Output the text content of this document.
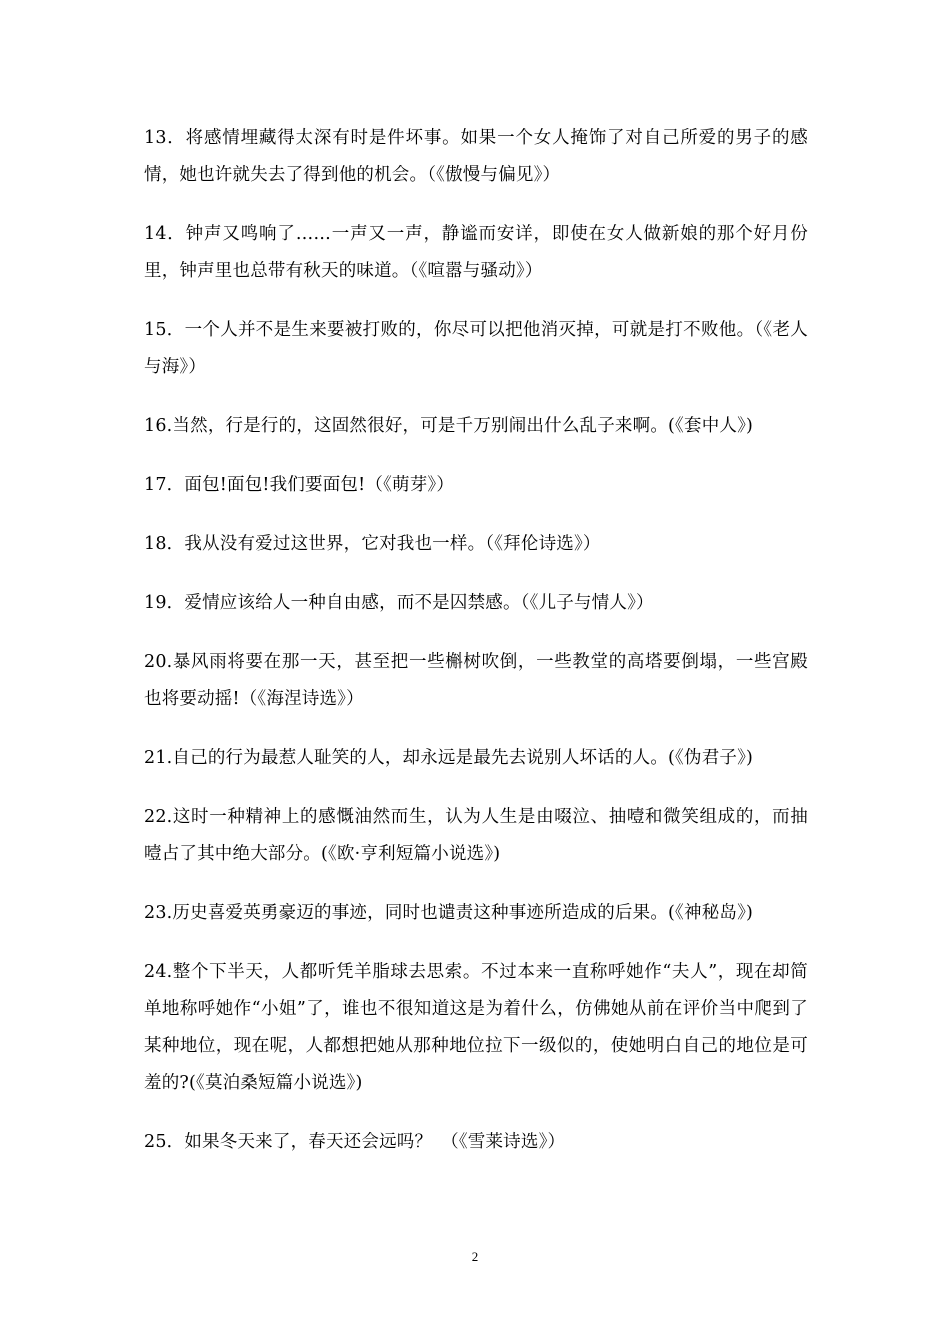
13．将感情埋藏得太深有时是件坏事。如果一个女人掩饰了对自己所爱的男子的感情，她也许就失去了得到他的机会。（《傲慢与偏见》）

14．钟声又鸣响了……一声又一声，静谧而安详，即使在女人做新娘的那个好月份里，钟声里也总带有秋天的味道。（《喧嚣与骚动》）

15．一个人并不是生来要被打败的，你尽可以把他消灭掉，可就是打不败他。（《老人与海》）

16.当然，行是行的，这固然很好，可是千万别闹出什么乱子来啊。(《套中人》)

17．面包!面包!我们要面包!（《萌芽》）

18．我从没有爱过这世界，它对我也一样。（《拜伦诗选》）

19．爱情应该给人一种自由感，而不是囚禁感。（《儿子与情人》）

20.暴风雨将要在那一天，甚至把一些槲树吹倒，一些教堂的高塔要倒塌，一些宫殿也将要动摇!（《海涅诗选》）

21.自己的行为最惹人耻笑的人，却永远是最先去说别人坏话的人。(《伪君子》)

22.这时一种精神上的感慨油然而生，认为人生是由啜泣、抽噎和微笑组成的，而抽噎占了其中绝大部分。(《欧·亨利短篇小说选》)

23.历史喜爱英勇豪迈的事迹，同时也谴责这种事迹所造成的后果。(《神秘岛》)

24.整个下半天，人都听凭羊脂球去思索。不过本来一直称呼她作“夫人”，现在却简单地称呼她作“小姐”了，谁也不很知道这是为着什么，仿佛她从前在评价当中爬到了某种地位，现在呢，人都想把她从那种地位拉下一级似的，使她明白自己的地位是可羞的?(《莫泊桑短篇小说选》)

25．如果冬天来了，春天还会远吗？　（《雪莱诗选》）

2
